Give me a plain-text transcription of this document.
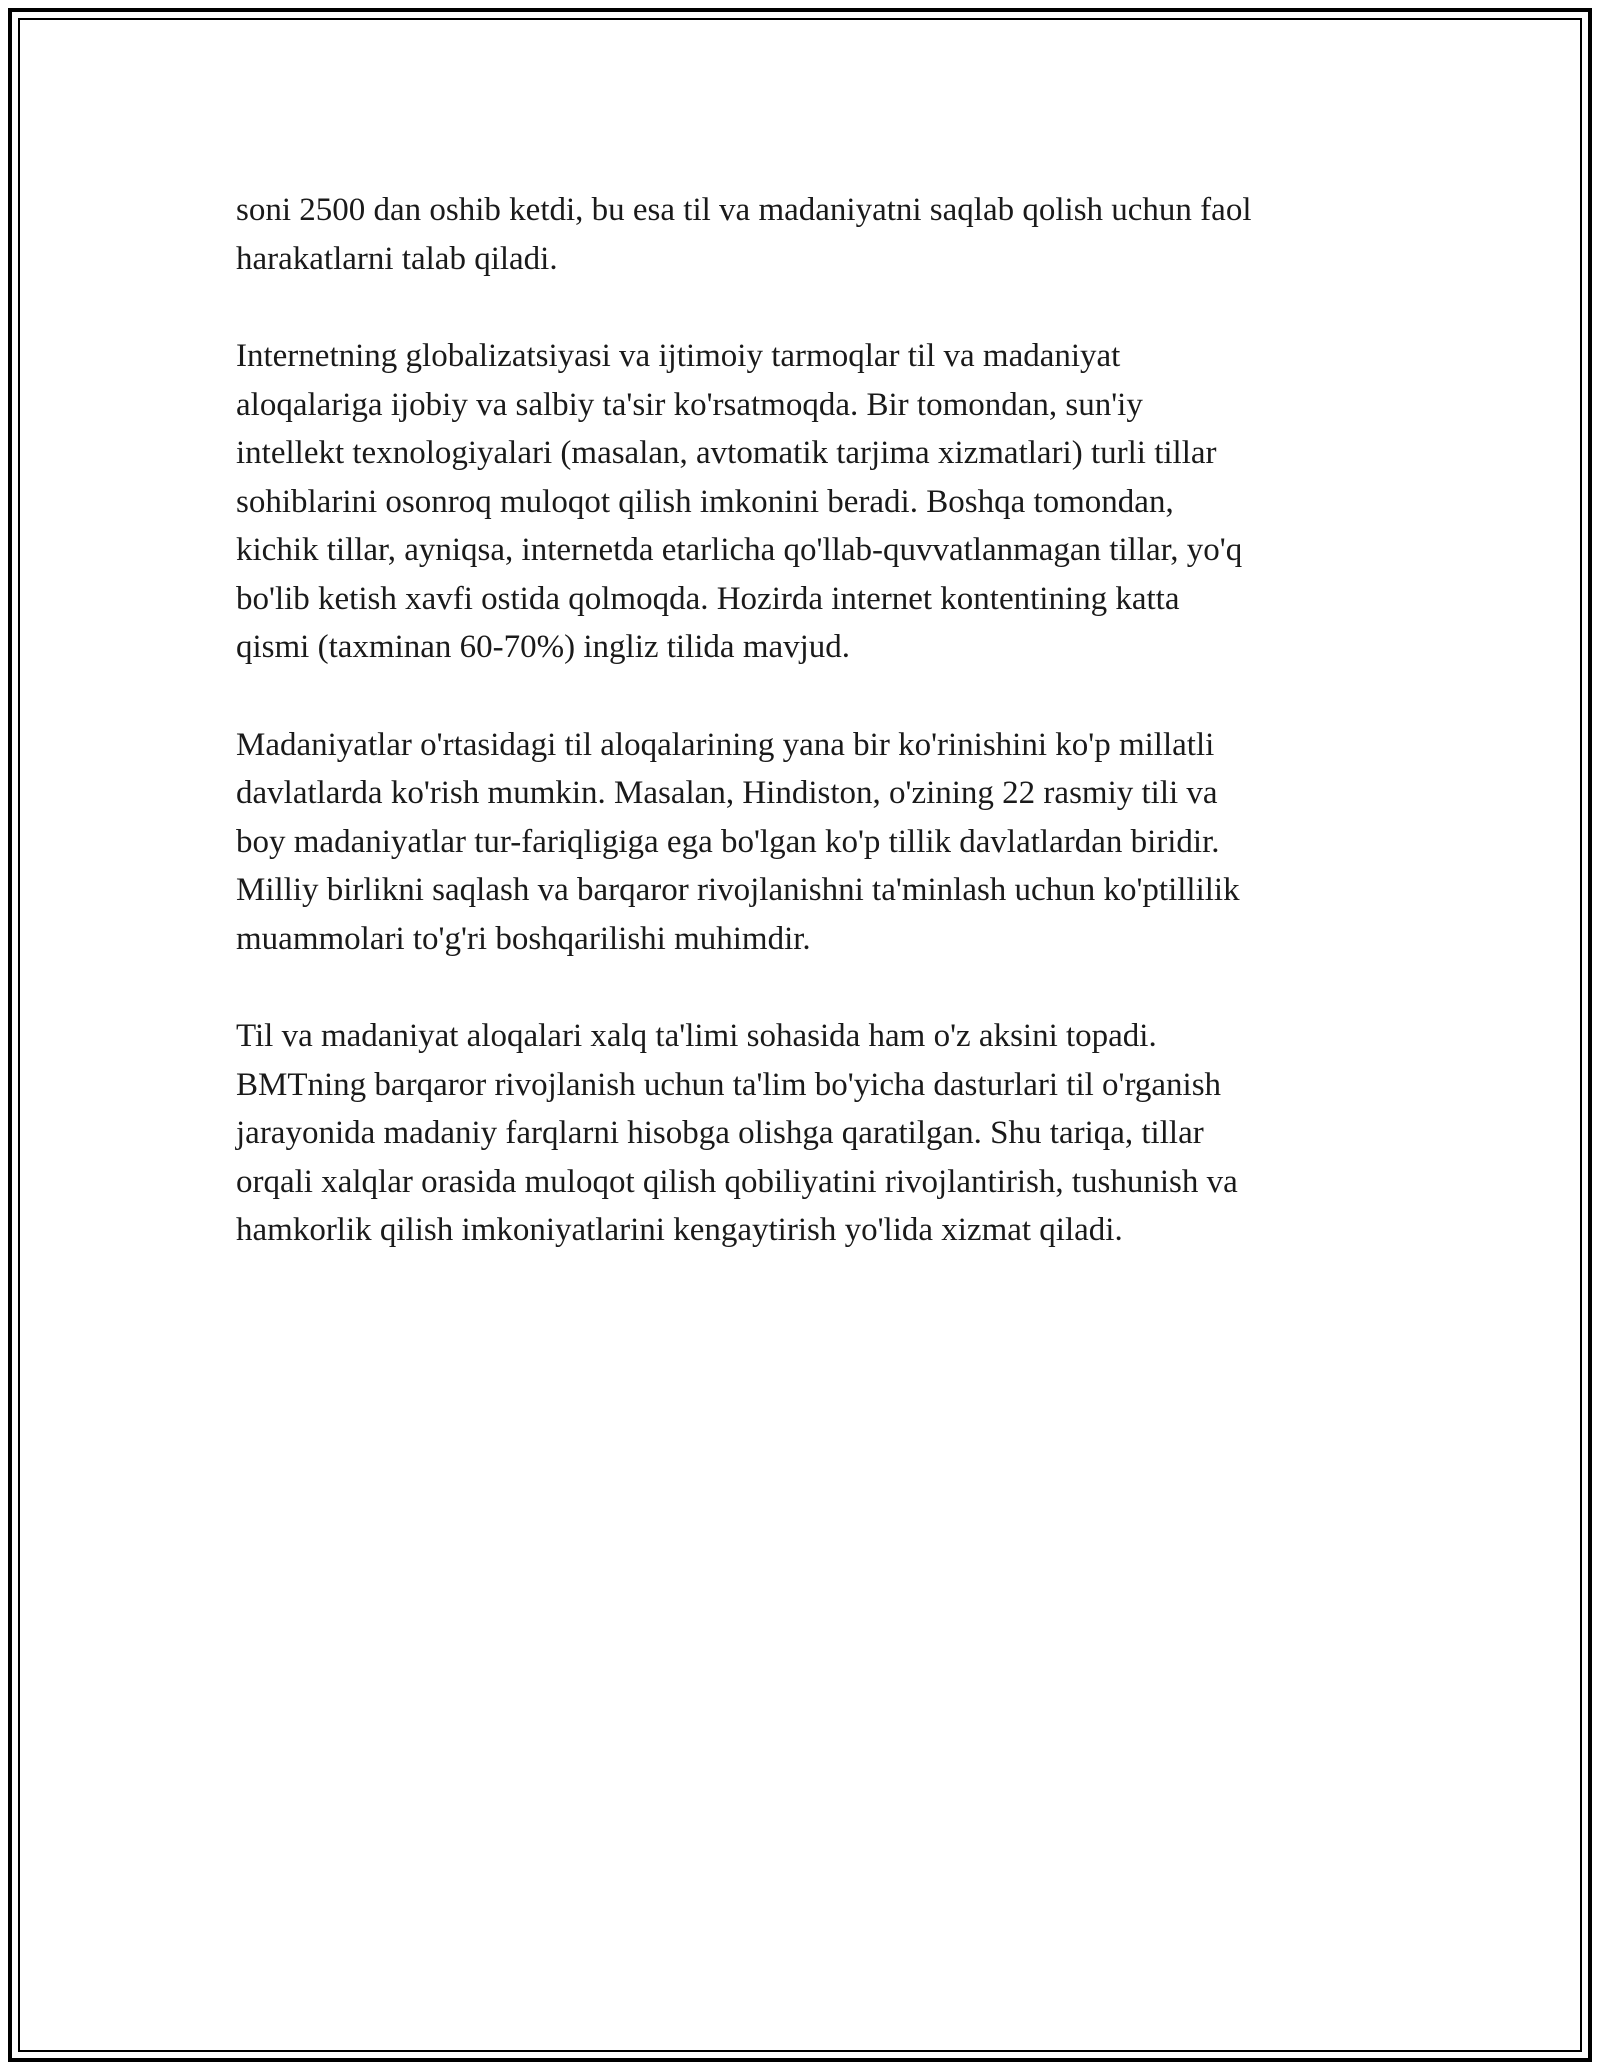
soni 2500 dan oshib ketdi, bu esa til va madaniyatni saqlab qolish uchun faol
harakatlarni talab qiladi.

Internetning globalizatsiyasi va ijtimoiy tarmoqlar til va madaniyat
aloqalariga ijobiy va salbiy ta'sir ko'rsatmoqda. Bir tomondan, sun'iy
intellekt texnologiyalari (masalan, avtomatik tarjima xizmatlari) turli tillar
sohiblarini osonroq muloqot qilish imkonini beradi. Boshqa tomondan,
kichik tillar, ayniqsa, internetda etarlicha qo'llab-quvvatlanmagan tillar, yo'q
bo'lib ketish xavfi ostida qolmoqda. Hozirda internet kontentining katta
qismi (taxminan 60-70%) ingliz tilida mavjud.

Madaniyatlar o'rtasidagi til aloqalarining yana bir ko'rinishini ko'p millatli
davlatlarda ko'rish mumkin. Masalan, Hindiston, o'zining 22 rasmiy tili va
boy madaniyatlar tur-fariqligiga ega bo'lgan ko'p tillik davlatlardan biridir.
Milliy birlikni saqlash va barqaror rivojlanishni ta'minlash uchun ko'ptillilik
muammolari to'g'ri boshqarilishi muhimdir.

Til va madaniyat aloqalari xalq ta'limi sohasida ham o'z aksini topadi.
BMTning barqaror rivojlanish uchun ta'lim bo'yicha dasturlari til o'rganish
jarayonida madaniy farqlarni hisobga olishga qaratilgan. Shu tariqa, tillar
orqali xalqlar orasida muloqot qilish qobiliyatini rivojlantirish, tushunish va
hamkorlik qilish imkoniyatlarini kengaytirish yo'lida xizmat qiladi.
